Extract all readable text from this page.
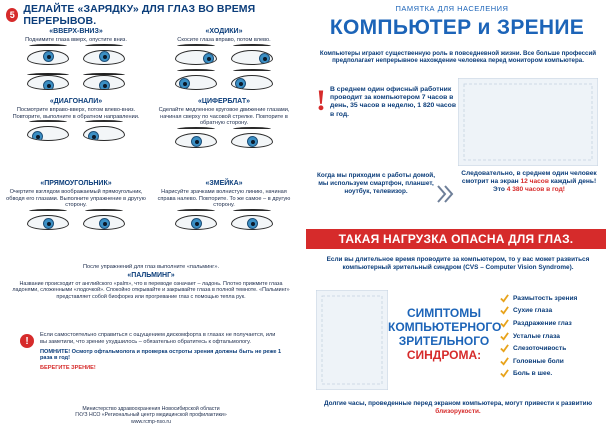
5 ДЕЛАЙТЕ «ЗАРЯДКУ» ДЛЯ ГЛАЗ ВО ВРЕМЯ ПЕРЕРЫВОВ.
«ВВЕРХ-ВНИЗ»
Поднимите глаза вверх, опустите вниз.
«ХОДИКИ»
Скосите глаза вправо, потом влево.
«ДИАГОНАЛИ»
Посмотрите вправо-вверх, потом влево-вниз. Повторите, выполните в обратном направлении.
«ЦИФЕРБЛАТ»
Сделайте медленное круговое движение глазами, начиная сверху по часовой стрелке. Повторите в обратную сторону.
«ПРЯМОУГОЛЬНИК»
Очертите взглядом воображаемый прямоугольник, обводя его глазами. Выполните упражнение в другую сторону.
«ЗМЕЙКА»
Нарисуйте зрачками волнистую линию, начиная справа налево. Повторите. То же самое – в другую сторону.
После упражнений для глаз выполните «пальминг».
«ПАЛЬМИНГ»
Название происходит от английского «palm», что в переводе означает – ладонь. Плотно прижмите глаза ладонями, сложенными «лодочкой». Спокойно открывайте и закрывайте глаза в полной темноте. «Пальминг» представляет собой биофорез или прогревание глаз с помощью тепла рук.
!
Если самостоятельно справиться с ощущением дискомфорта в глазах не получается, или вы заметили, что зрение ухудшилось – обязательно обратитесь к офтальмологу.
ПОМНИТЕ! Осмотр офтальмолога и проверка остроты зрения должны быть не реже 1 раза в год!
БЕРЕГИТЕ ЗРЕНИЕ!
Министерство здравоохранения Новосибирской области
ГКУЗ НСО «Региональный центр медицинской профилактики»
www.rcmp-nso.ru
ПАМЯТКА ДЛЯ НАСЕЛЕНИЯ
КОМПЬЮТЕР и ЗРЕНИЕ
Компьютеры играют существенную роль в повседневной жизни. Все больше профессий предполагает непрерывное нахождение человека перед монитором компьютера.
! В среднем один офисный работник проводит за компьютером 7 часов в день, 35 часов в неделю, 1 820 часов в год.
Когда мы приходим с работы домой, мы используем смартфон, планшет, ноутбук, телевизор.
Следовательно, в среднем один человек смотрит на экран 12 часов каждый день!
Это 4 380 часов в год!
ТАКАЯ НАГРУЗКА ОПАСНА ДЛЯ ГЛАЗ.
Если вы длительное время проводите за компьютером, то у вас может развиться компьютерный зрительный синдром (CVS – Computer Vision Syndrome).
СИМПТОМЫ
КОМПЬЮТЕРНОГО
ЗРИТЕЛЬНОГО
СИНДРОМА:
Размытость зрения
Сухие глаза
Раздражение глаз
Усталые глаза
Слезоточивость
Головные боли
Боль в шее.
Долгие часы, проведенные перед экраном компьютера, могут привести к развитию близорукости.
